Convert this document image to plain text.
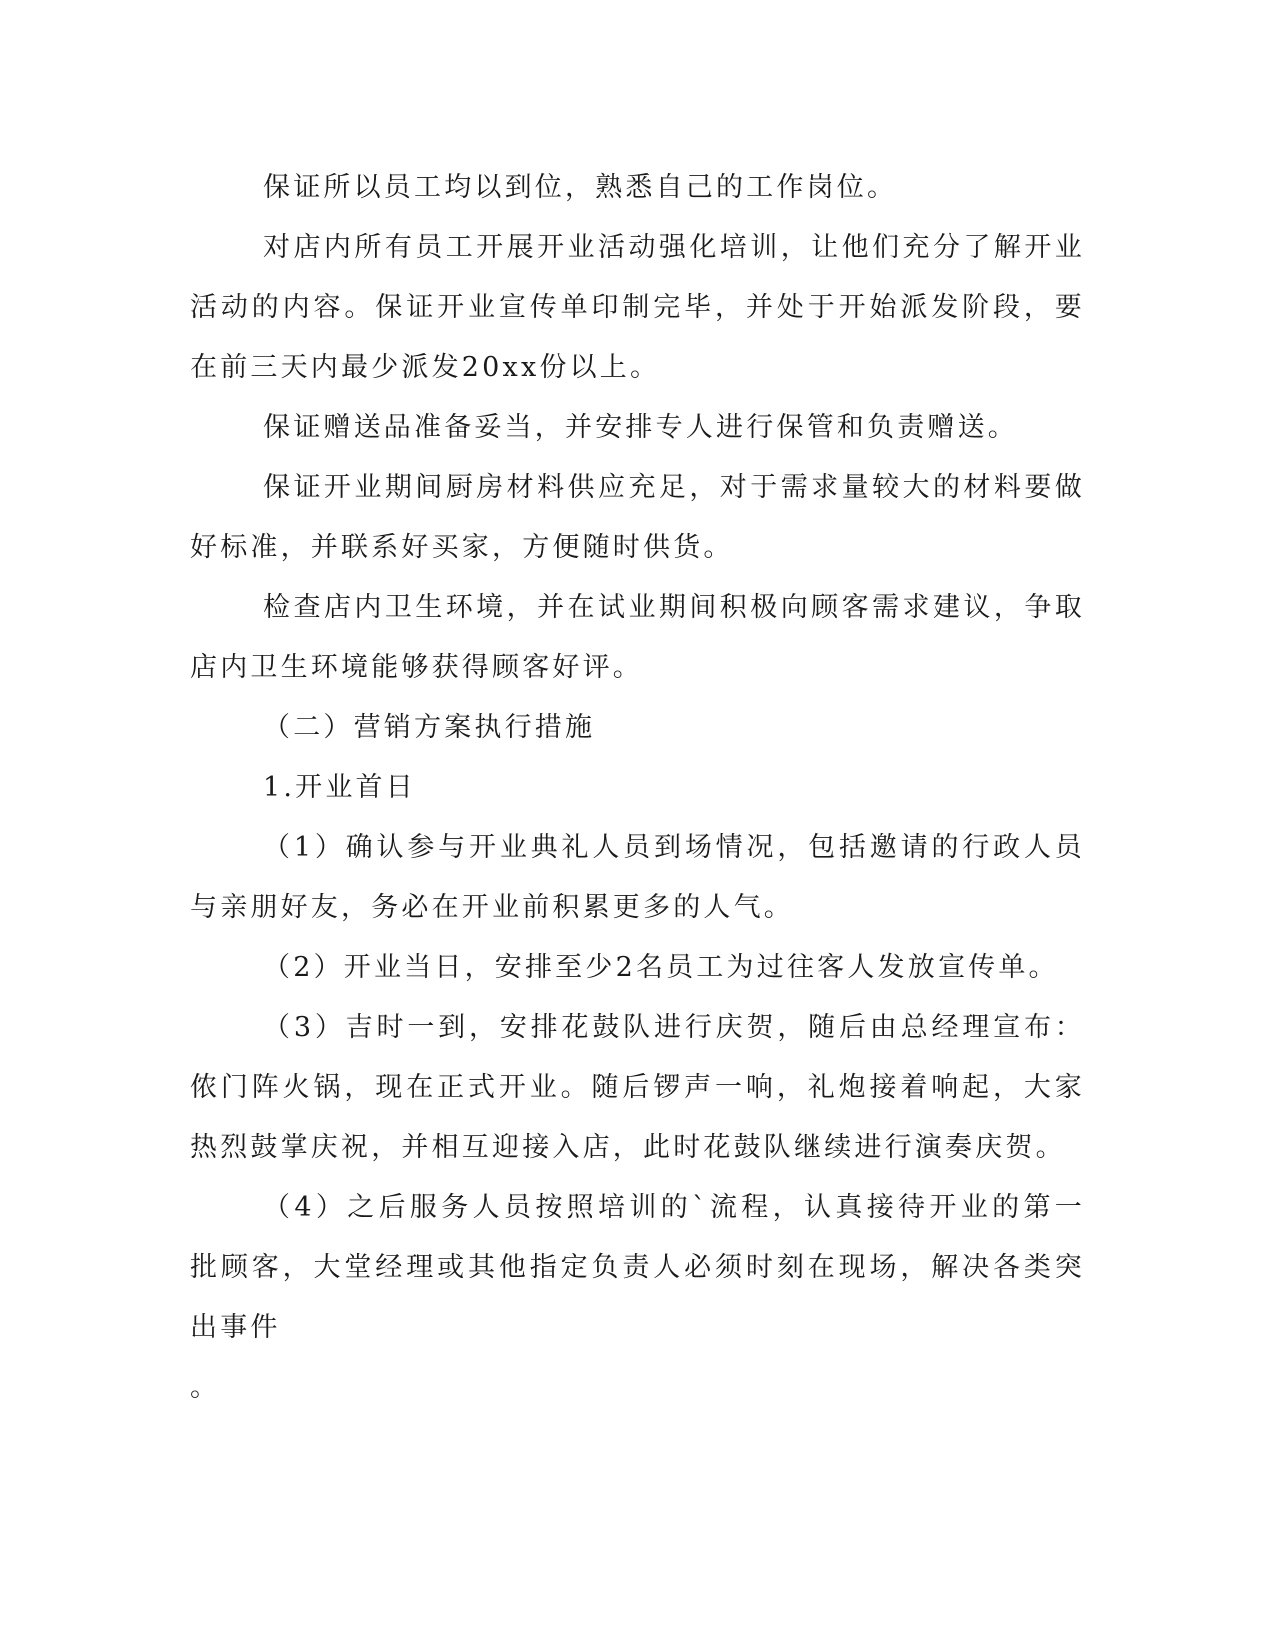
保证所以员工均以到位，熟悉自己的工作岗位。

对店内所有员工开展开业活动强化培训，让他们充分了解开业活动的内容。保证开业宣传单印制完毕，并处于开始派发阶段，要在前三天内最少派发20xx份以上。

保证赠送品准备妥当，并安排专人进行保管和负责赠送。

保证开业期间厨房材料供应充足，对于需求量较大的材料要做好标准，并联系好买家，方便随时供货。

检查店内卫生环境，并在试业期间积极向顾客需求建议，争取店内卫生环境能够获得顾客好评。

（二）营销方案执行措施

1.开业首日

（1）确认参与开业典礼人员到场情况，包括邀请的行政人员与亲朋好友，务必在开业前积累更多的人气。

（2）开业当日，安排至少2名员工为过往客人发放宣传单。

（3）吉时一到，安排花鼓队进行庆贺，随后由总经理宣布：侬门阵火锅，现在正式开业。随后锣声一响，礼炮接着响起，大家热烈鼓掌庆祝，并相互迎接入店，此时花鼓队继续进行演奏庆贺。

（4）之后服务人员按照培训的`流程，认真接待开业的第一批顾客，大堂经理或其他指定负责人必须时刻在现场，解决各类突出事件

。
